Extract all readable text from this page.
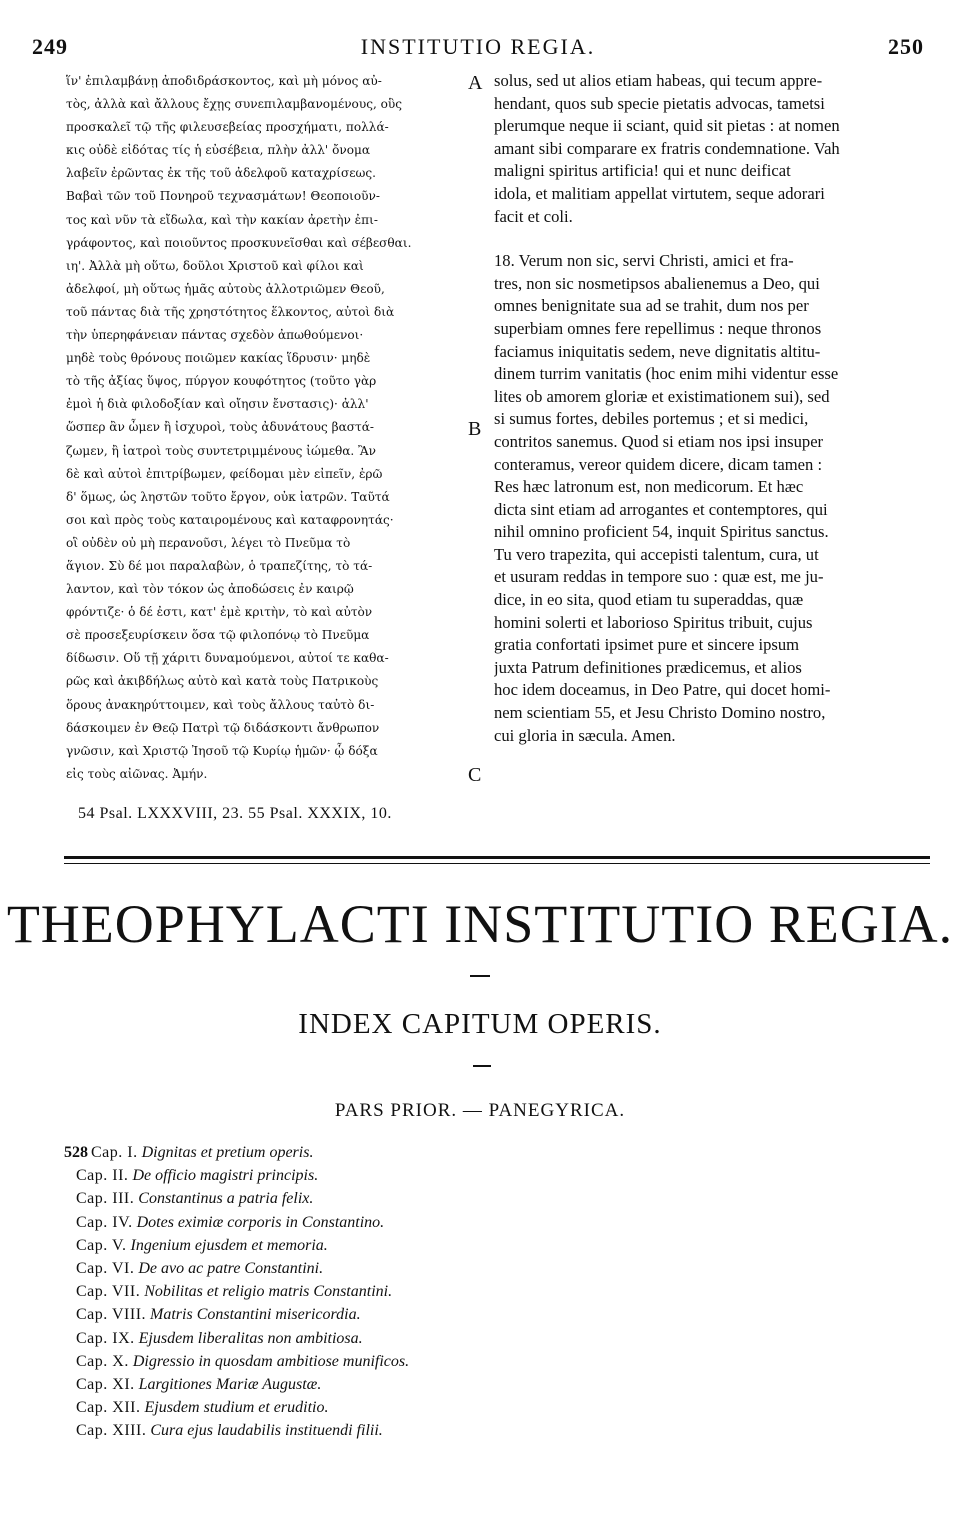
249	INSTITUTIO REGIA.	250
ἵν' ἐπιλαμβάνῃ ἀποδιδράσκοντος, καὶ μὴ μόνος αὐ-
τὸς, ἀλλὰ καὶ ἄλλους ἔχῃς συνεπιλαμβανομένους, οὓς
προσκαλεῖ τῷ τῆς φιλευσεβείας προσχήματι, πολλά-
κις οὐδὲ εἰδότας τίς ἡ εὐσέβεια, πλὴν ἀλλ' ὄνομα
λαβεῖν ἐρῶντας ἐκ τῆς τοῦ ἀδελφοῦ καταχρίσεως.
Βαβαὶ τῶν τοῦ Πονηροῦ τεχνασμάτων! Θεοποιοῦν-
τος καὶ νῦν τὰ εἴδωλα, καὶ τὴν κακίαν ἀρετὴν ἐπι-
γράφοντος, καὶ ποιοῦντος προσκυνεῖσθαι καὶ σέβεσθαι.
ιη'. Ἀλλὰ μὴ οὕτω, δοῦλοι Χριστοῦ καὶ φίλοι καὶ
ἀδελφοί, μὴ οὕτως ἡμᾶς αὐτοὺς ἀλλοτριῶμεν Θεοῦ,
τοῦ πάντας διὰ τῆς χρηστότητος ἕλκοντος, αὐτοὶ διὰ
τὴν ὑπερηφάνειαν πάντας σχεδὸν ἀπωθούμενοι·
μηδὲ τοὺς θρόνους ποιῶμεν κακίας ἵδρυσιν· μηδὲ
τὸ τῆς ἀξίας ὕψος, πύργον κουφότητος (τοῦτο γὰρ
ἐμοὶ ἡ διὰ φιλοδοξίαν καὶ οἴησιν ἔνστασις)· ἀλλ'
ὥσπερ ἂν ὦμεν ἢ ἰσχυροὶ, τοὺς ἀδυνάτους βαστά-
ζωμεν, ἢ ἰατροὶ τοὺς συντετριμμένους ἰώμεθα. Ἂν
δὲ καὶ αὐτοὶ ἐπιτρίβωμεν, φείδομαι μὲν εἰπεῖν, ἐρῶ
δ' ὅμως, ὡς ληστῶν τοῦτο ἔργον, οὐκ ἰατρῶν. Ταῦτά
σοι καὶ πρὸς τοὺς καταιρομένους καὶ καταφρονητάς·
οἳ οὐδὲν οὐ μὴ περανοῦσι, λέγει τὸ Πνεῦμα τὸ
ἅγιον. Σὺ δέ μοι παραλαβὼν, ὁ τραπεζίτης, τὸ τά-
λαντον, καὶ τὸν τόκον ὡς ἀποδώσεις ἐν καιρῷ
φρόντιζε· ὁ δέ ἐστι, κατ' ἐμὲ κριτὴν, τὸ καὶ αὐτὸν
σὲ προσεξευρίσκειν ὅσα τῷ φιλοπόνῳ τὸ Πνεῦμα
δίδωσιν. Οὕ τῇ χάριτι δυναμούμενοι, αὐτοί τε καθα-
ρῶς καὶ ἀκιβδήλως αὐτὸ καὶ κατὰ τοὺς Πατρικοὺς
ὅρους ἀνακηρύττοιμεν, καὶ τοὺς ἄλλους ταὐτὸ δι-
δάσκοιμεν ἐν Θεῷ Πατρὶ τῷ διδάσκοντι ἄνθρωπον
γνῶσιν, καὶ Χριστῷ Ἰησοῦ τῷ Κυρίῳ ἡμῶν· ᾧ δόξα
εἰς τοὺς αἰῶνας. Ἀμήν.
solus, sed ut alios etiam habeas, qui tecum appre-
hendant, quos sub specie pietatis advocas, tametsi
plerumque neque ii sciant, quid sit pietas : at nomen
amant sibi comparare ex fratris condemnatione. Vah
maligni spiritus artificia! qui et nunc deificat
idola, et malitiam appellat virtutem, seque adorari
facit et coli.
18. Verum non sic, servi Christi, amici et fra-
tres, non sic nosmetipsos abalienemus a Deo, qui
omnes benignitate sua ad se trahit, dum nos per
superbiam omnes fere repellimus : neque thronos
faciamus iniquitatis sedem, neve dignitatis altitu-
dinem turrim vanitatis (hoc enim mihi videntur esse
lites ob amorem gloriæ et existimationem sui), sed
si sumus fortes, debiles portemus ; et si medici,
contritos sanemus. Quod si etiam nos ipsi insuper
conteramus, vereor quidem dicere, dicam tamen :
Res hæc latronum est, non medicorum. Et hæc
dicta sint etiam ad arrogantes et contemptores, qui
nihil omnino proficient 54, inquit Spiritus sanctus.
Tu vero trapezita, qui accepisti talentum, cura, ut
et usuram reddas in tempore suo : quæ est, me ju-
dice, in eo sita, quod etiam tu superaddas, quæ
homini solerti et laborioso Spiritus tribuit, cujus
gratia confortati ipsimet pure et sincere ipsum
juxta Patrum definitiones prædicemus, et alios
hoc idem doceamus, in Deo Patre, qui docet homi-
nem scientiam 55, et Jesu Christo Domino nostro,
cui gloria in sæcula. Amen.
A
B
C
54 Psal. LXXXVIII, 23. 55 Psal. XXXIX, 10.
THEOPHYLACTI INSTITUTIO REGIA.
INDEX CAPITUM OPERIS.
PARS PRIOR. — PANEGYRICA.
528 Cap. I. Dignitas et pretium operis.
Cap. II. De officio magistri principis.
Cap. III. Constantinus a patria felix.
Cap. IV. Dotes eximiæ corporis in Constantino.
Cap. V. Ingenium ejusdem et memoria.
Cap. VI. De avo ac patre Constantini.
Cap. VII. Nobilitas et religio matris Constantini.
Cap. VIII. Matris Constantini misericordia.
Cap. IX. Ejusdem liberalitas non ambitiosa.
Cap. X. Digressio in quosdam ambitiose munificos.
Cap. XI. Largitiones Mariæ Augustæ.
Cap. XII. Ejusdem studium et eruditio.
Cap. XIII. Cura ejus laudabilis instituendi filii.
